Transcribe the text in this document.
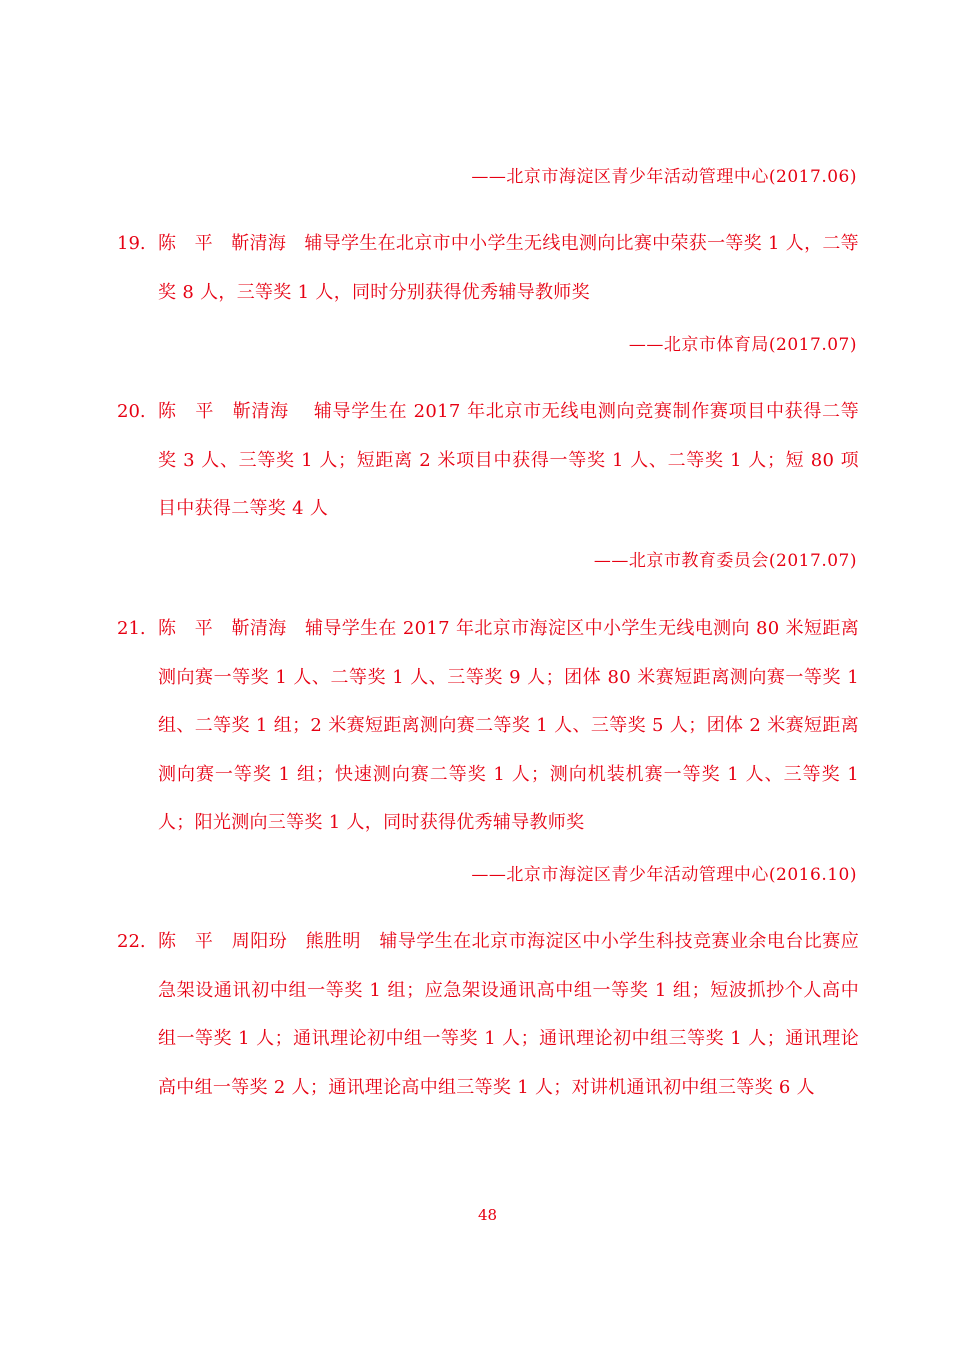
——北京市海淀区青少年活动管理中心(2017.06)
19. 陈　平　靳清海　辅导学生在北京市中小学生无线电测向比赛中荣获一等奖 1 人，二等奖 8 人，三等奖 1 人，同时分别获得优秀辅导教师奖
——北京市体育局(2017.07)
20. 陈　平　靳清海　 辅导学生在 2017 年北京市无线电测向竞赛制作赛项目中获得二等奖 3 人、三等奖 1 人；短距离 2 米项目中获得一等奖 1 人、二等奖 1 人；短 80 项目中获得二等奖 4 人
——北京市教育委员会(2017.07)
21. 陈　平　靳清海　辅导学生在 2017 年北京市海淀区中小学生无线电测向 80 米短距离测向赛一等奖 1 人、二等奖 1 人、三等奖 9 人；团体 80 米赛短距离测向赛一等奖 1 组、二等奖 1 组；2 米赛短距离测向赛二等奖 1 人、三等奖 5 人；团体 2 米赛短距离测向赛一等奖 1 组；快速测向赛二等奖 1 人；测向机装机赛一等奖 1 人、三等奖 1 人；阳光测向三等奖 1 人，同时获得优秀辅导教师奖
——北京市海淀区青少年活动管理中心(2016.10)
22. 陈　平　周阳玢　熊胜明　辅导学生在北京市海淀区中小学生科技竞赛业余电台比赛应急架设通讯初中组一等奖 1 组；应急架设通讯高中组一等奖 1 组；短波抓抄个人高中组一等奖 1 人；通讯理论初中组一等奖 1 人；通讯理论初中组三等奖 1 人；通讯理论高中组一等奖 2 人；通讯理论高中组三等奖 1 人；对讲机通讯初中组三等奖 6 人
48
